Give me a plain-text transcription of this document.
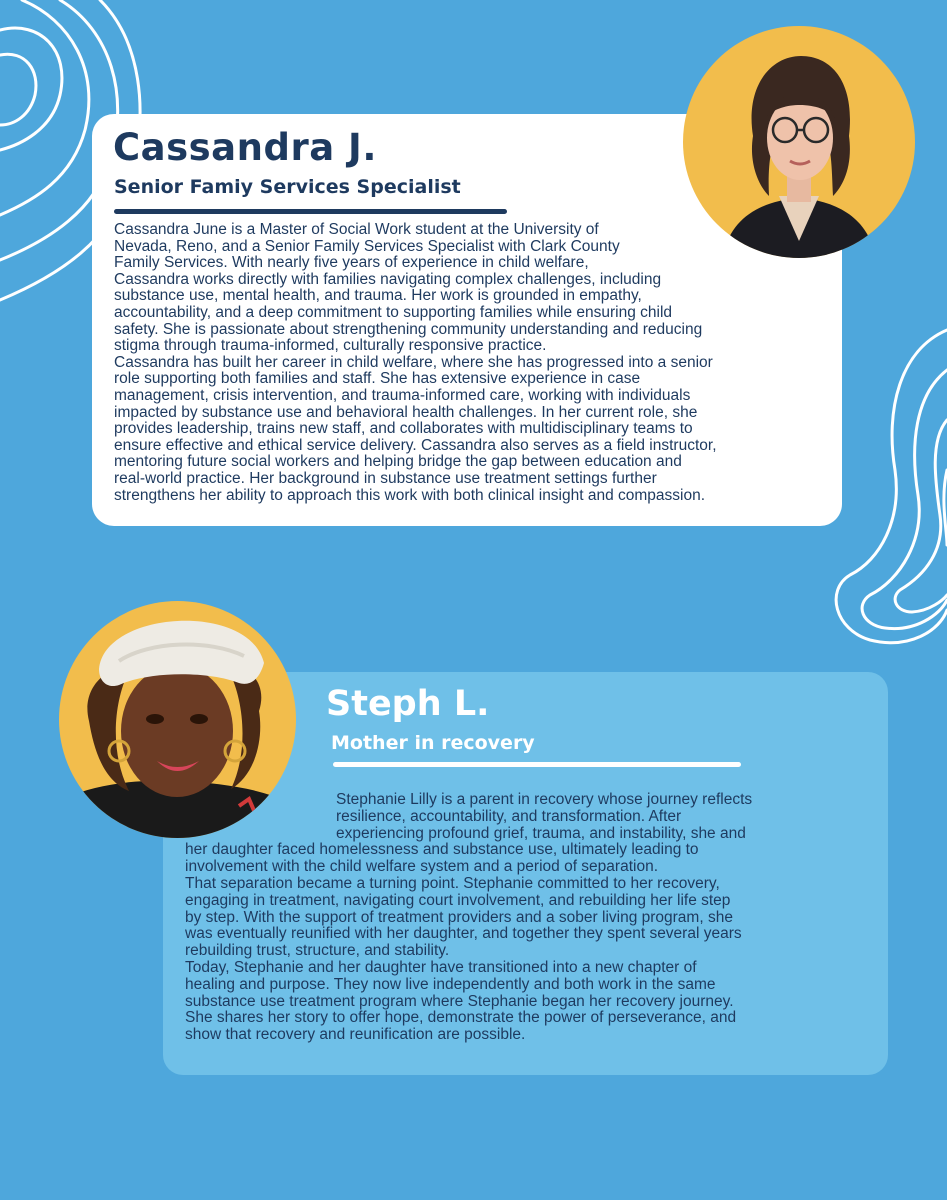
Cassandra J.
Senior Famiy Services Specialist
Cassandra June is a Master of Social Work student at the University of
Nevada, Reno, and a Senior Family Services Specialist with Clark County
Family Services. With nearly five years of experience in child welfare,
Cassandra works directly with families navigating complex challenges, including
substance use, mental health, and trauma. Her work is grounded in empathy,
accountability, and a deep commitment to supporting families while ensuring child
safety. She is passionate about strengthening community understanding and reducing
stigma through trauma-informed, culturally responsive practice.
Cassandra has built her career in child welfare, where she has progressed into a senior
role supporting both families and staff. She has extensive experience in case
management, crisis intervention, and trauma-informed care, working with individuals
impacted by substance use and behavioral health challenges. In her current role, she
provides leadership, trains new staff, and collaborates with multidisciplinary teams to
ensure effective and ethical service delivery. Cassandra also serves as a field instructor,
mentoring future social workers and helping bridge the gap between education and
real-world practice. Her background in substance use treatment settings further
strengthens her ability to approach this work with both clinical insight and compassion.
Steph L.
Mother in recovery
Stephanie Lilly is a parent in recovery whose journey reflects
resilience, accountability, and transformation. After
experiencing profound grief, trauma, and instability, she and
her daughter faced homelessness and substance use, ultimately leading to
involvement with the child welfare system and a period of separation.
That separation became a turning point. Stephanie committed to her recovery,
engaging in treatment, navigating court involvement, and rebuilding her life step
by step. With the support of treatment providers and a sober living program, she
was eventually reunified with her daughter, and together they spent several years
rebuilding trust, structure, and stability.
Today, Stephanie and her daughter have transitioned into a new chapter of
healing and purpose. They now live independently and both work in the same
substance use treatment program where Stephanie began her recovery journey.
She shares her story to offer hope, demonstrate the power of perseverance, and
show that recovery and reunification are possible.
